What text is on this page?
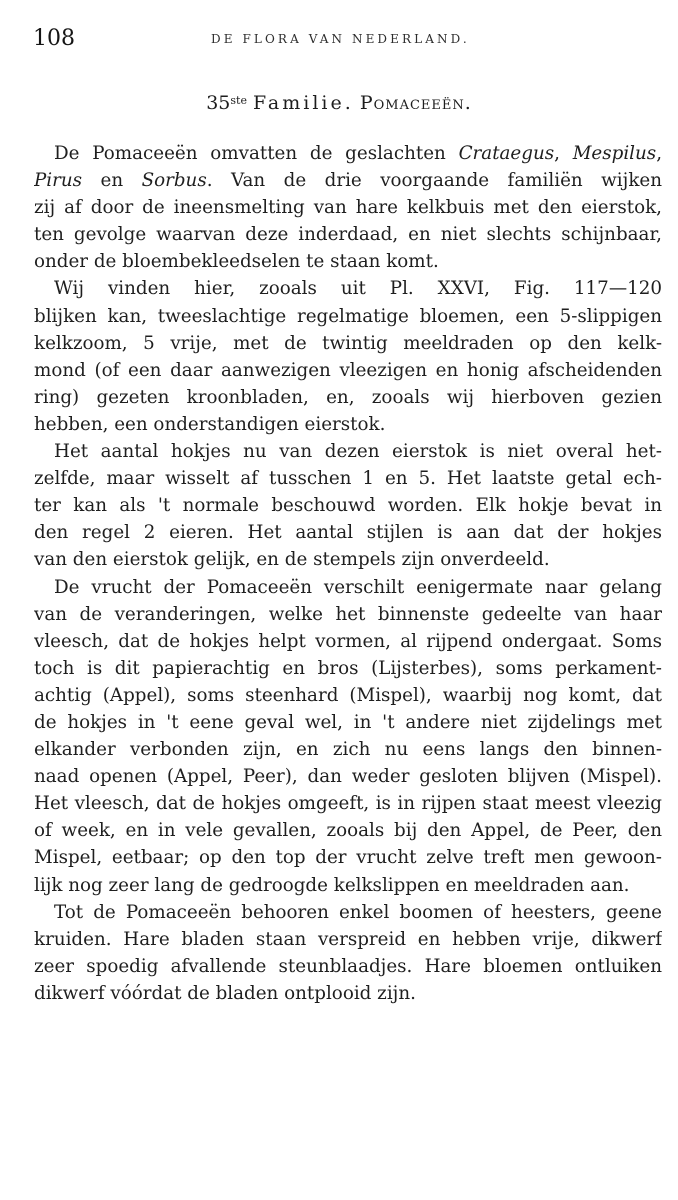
108	DE FLORA VAN NEDERLAND.
35ste Familie. Pomaceeën.
De Pomaceeën omvatten de geslachten Crataegus, Mespilus,
Pirus en Sorbus. Van de drie voorgaande familiën wijken
zij af door de ineensmelting van hare kelkbuis met den eierstok,
ten gevolge waarvan deze inderdaad, en niet slechts schijnbaar,
onder de bloembekleedselen te staan komt.
Wij vinden hier, zooals uit Pl. XXVI, Fig. 117—120
blijken kan, tweeslachtige regelmatige bloemen, een 5-slippigen
kelkzoom, 5 vrije, met de twintig meeldraden op den kelk-
mond (of een daar aanwezigen vleezigen en honig afscheidenden
ring) gezeten kroonbladen, en, zooals wij hierboven gezien
hebben, een onderstandigen eierstok.
Het aantal hokjes nu van dezen eierstok is niet overal het-
zelfde, maar wisselt af tusschen 1 en 5. Het laatste getal ech-
ter kan als 't normale beschouwd worden. Elk hokje bevat in
den regel 2 eieren. Het aantal stijlen is aan dat der hokjes
van den eierstok gelijk, en de stempels zijn onverdeeld.
De vrucht der Pomaceeën verschilt eenigermate naar gelang
van de veranderingen, welke het binnenste gedeelte van haar
vleesch, dat de hokjes helpt vormen, al rijpend ondergaat. Soms
toch is dit papierachtig en bros (Lijsterbes), soms perkament-
achtig (Appel), soms steenhard (Mispel), waarbij nog komt, dat
de hokjes in 't eene geval wel, in 't andere niet zijdelings met
elkander verbonden zijn, en zich nu eens langs den binnen-
naad openen (Appel, Peer), dan weder gesloten blijven (Mispel).
Het vleesch, dat de hokjes omgeeft, is in rijpen staat meest vleezig
of week, en in vele gevallen, zooals bij den Appel, de Peer, den
Mispel, eetbaar; op den top der vrucht zelve treft men gewoon-
lijk nog zeer lang de gedroogde kelkslippen en meeldraden aan.
Tot de Pomaceeën behooren enkel boomen of heesters, geene
kruiden. Hare bladen staan verspreid en hebben vrije, dikwerf
zeer spoedig afvallende steunblaadjes. Hare bloemen ontluiken
dikwerf vóórdat de bladen ontplooid zijn.
